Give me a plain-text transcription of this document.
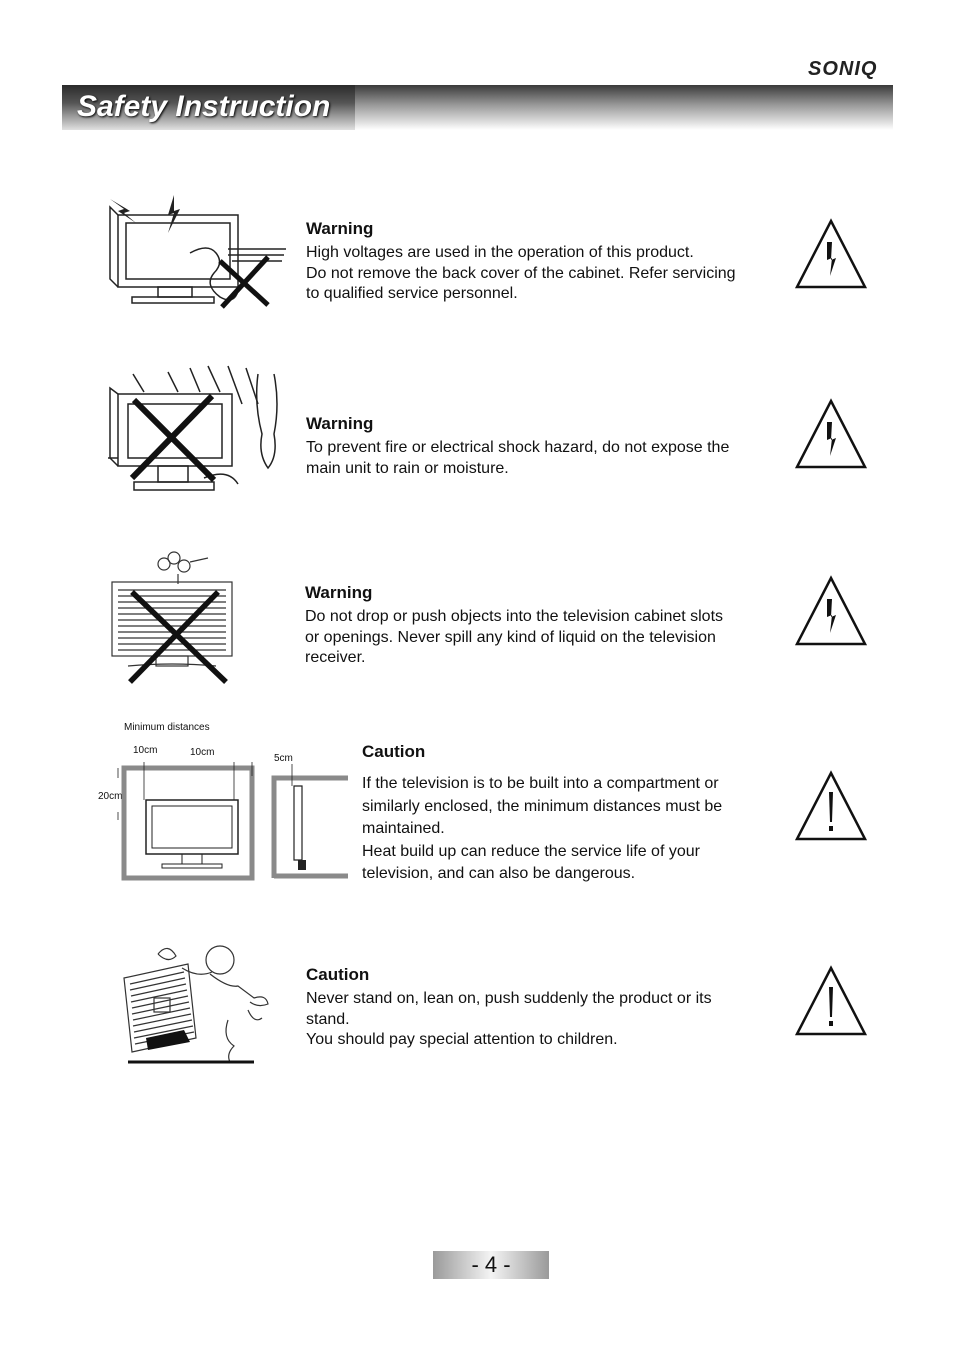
SONIQ
Safety Instruction
Warning
High voltages are used in the operation of this product.
Do not remove the back cover of the cabinet. Refer servicing
to qualified service personnel.
Warning
To prevent fire or electrical shock hazard, do not expose the
main unit to rain or moisture.
Warning
Do not drop or push objects into the television cabinet slots
or openings. Never spill any kind of liquid on the television
receiver.
Minimum distances
10cm	10cm
5cm
20cm
Caution
If the television is to be built into a compartment or
similarly enclosed, the minimum distances must be
maintained.
Heat build up can reduce the service life of your
television, and can also be dangerous.
Caution
Never stand on, lean on, push suddenly the product or its
stand.
You should pay special attention to children.
- 4 -
